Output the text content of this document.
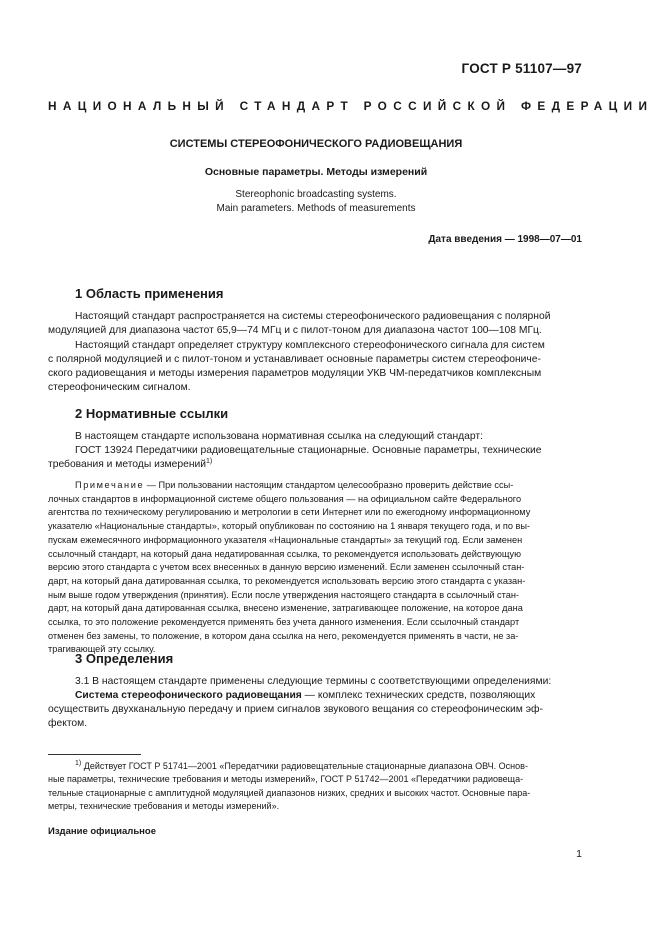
ГОСТ Р 51107—97
НАЦИОНАЛЬНЫЙ СТАНДАРТ РОССИЙСКОЙ ФЕДЕРАЦИИ
СИСТЕМЫ СТЕРЕОФОНИЧЕСКОГО РАДИОВЕЩАНИЯ
Основные параметры. Методы измерений
Stereophonic broadcasting systems.
Main parameters. Methods of measurements
Дата введения — 1998—07—01
1 Область применения
Настоящий стандарт распространяется на системы стереофонического радиовещания с полярной
модуляцией для диапазона частот 65,9—74 МГц и с пилот-тоном для диапазона частот 100—108 МГц.
Настоящий стандарт определяет структуру комплексного стереофонического сигнала для систем
с полярной модуляцией и с пилот-тоном и устанавливает основные параметры систем стереофониче-
ского радиовещания и методы измерения параметров модуляции УКВ ЧМ-передатчиков комплексным
стереофоническим сигналом.
2 Нормативные ссылки
В настоящем стандарте использована нормативная ссылка на следующий стандарт:
ГОСТ 13924 Передатчики радиовещательные стационарные. Основные параметры, технические
требования и методы измерений$^{1)}$
Примечание — При пользовании настоящим стандартом целесообразно проверить действие ссы-
лочных стандартов в информационной системе общего пользования — на официальном сайте Федерального
агентства по техническому регулированию и метрологии в сети Интернет или по ежегодному информационному
указателю «Национальные стандарты», который опубликован по состоянию на 1 января текущего года, и по вы-
пускам ежемесячного информационного указателя «Национальные стандарты» за текущий год. Если заменен
ссылочный стандарт, на который дана недатированная ссылка, то рекомендуется использовать действующую
версию этого стандарта с учетом всех внесенных в данную версию изменений. Если заменен ссылочный стан-
дарт, на который дана датированная ссылка, то рекомендуется использовать версию этого стандарта с указан-
ным выше годом утверждения (принятия). Если после утверждения настоящего стандарта в ссылочный стан-
дарт, на который дана датированная ссылка, внесено изменение, затрагивающее положение, на которое дана
ссылка, то это положение рекомендуется применять без учета данного изменения. Если ссылочный стандарт
отменен без замены, то положение, в котором дана ссылка на него, рекомендуется применять в части, не за-
трагивающей эту ссылку.
3 Определения
3.1 В настоящем стандарте применены следующие термины с соответствующими определениями:
Система стереофонического радиовещания — комплекс технических средств, позволяющих
осуществить двухканальную передачу и прием сигналов звукового вещания со стереофоническим эф-
фектом.
$^{1)}$ Действует ГОСТ Р 51741—2001 «Передатчики радиовещательные стационарные диапазона ОВЧ. Основ-
ные параметры, технические требования и методы измерений», ГОСТ Р 51742—2001 «Передатчики радиовеща-
тельные стационарные с амплитудной модуляцией диапазонов низких, средних и высоких частот. Основные пара-
метры, технические требования и методы измерений».
Издание официальное
1
